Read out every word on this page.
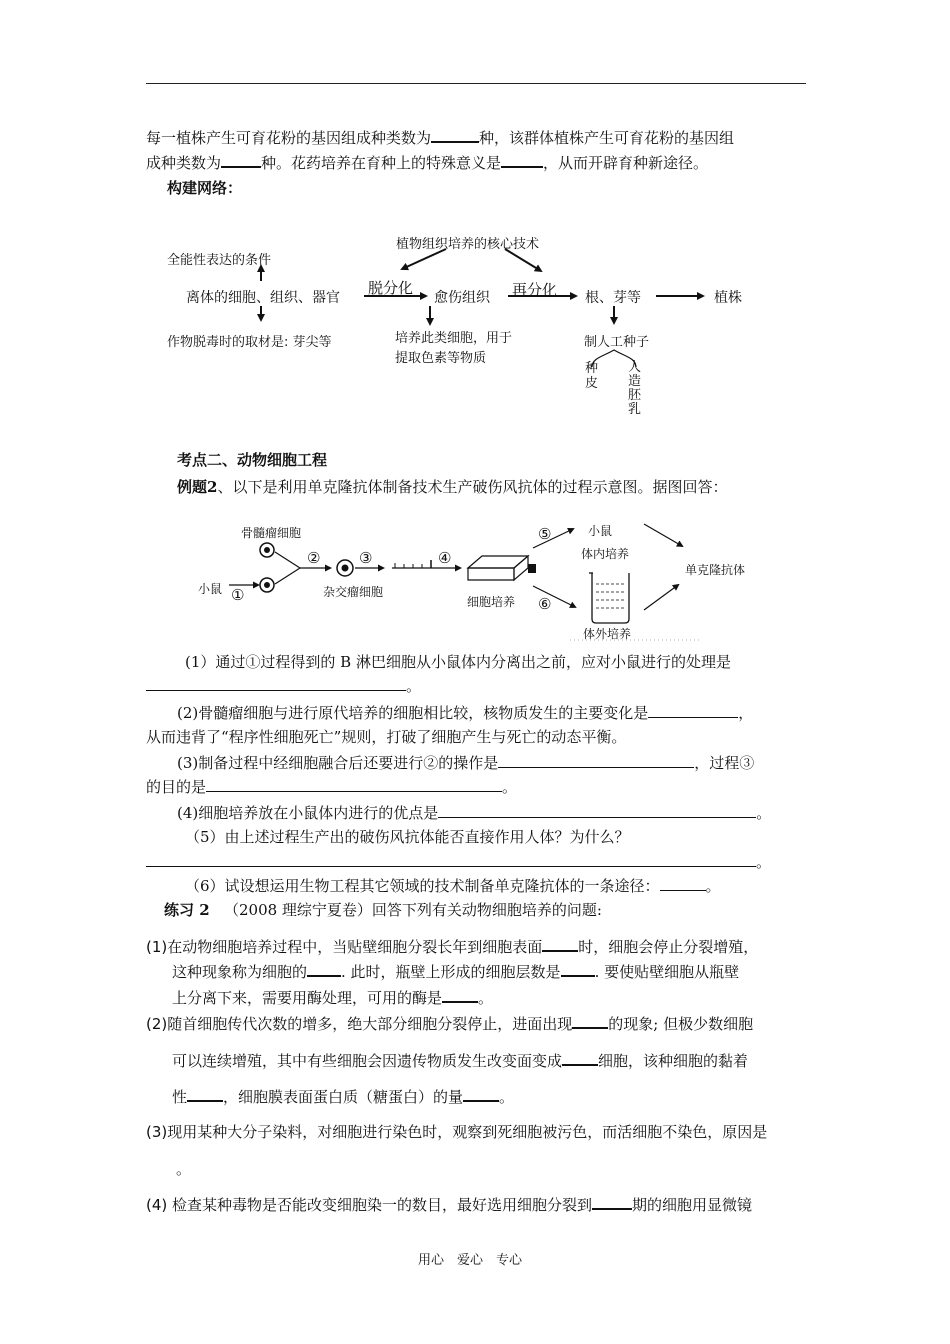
每一植株产生可育花粉的基因组成种类数为	种，该群体植株产生可育花粉的基因组
成种类数为	种。花药培养在育种上的特殊意义是	，从而开辟育种新途径。
构建网络：
植物组织培养的核心技术
全能性表达的条件
离体的细胞、组织、器官
脱分化
愈伤组织 再分化 根、芽等	植株
作物脱毒时的取材是: 芽尖等	培养此类细胞，用于
提取色素等物质
制人工种子
种
皮
人
造
胚
乳
考点二、动物细胞工程
例题2、以下是利用单克隆抗体制备技术生产破伤风抗体的过程示意图。据图回答：
骨髓瘤细胞
小鼠 ①
②	③	④
⑤
⑥
杂交瘤细胞
细胞培养
小鼠
体内培养
体外培养
单克隆抗体
(1）通过①过程得到的 B 淋巴细胞从小鼠体内分离出之前，应对小鼠进行的处理是
。
(2)骨髓瘤细胞与进行原代培养的细胞相比较，核物质发生的主要变化是	，
从而违背了“程序性细胞死亡”规则，打破了细胞产生与死亡的动态平衡。
(3)制备过程中经细胞融合后还要进行②的操作是	，过程③
的目的是	。
(4)细胞培养放在小鼠体内进行的优点是	。
（5）由上述过程生产出的破伤风抗体能否直接作用人体？为什么？
。
（6）试设想运用生物工程其它领域的技术制备单克隆抗体的一条途径：	。
练习 2 （2008 理综宁夏卷）回答下列有关动物细胞培养的问题:
(1)在动物细胞培养过程中，当贴壁细胞分裂长年到细胞表面 时，细胞会停止分裂增殖，
这种现象称为细胞的 . 此时，瓶壁上形成的细胞层数是 . 要使贴壁细胞从瓶壁
上分离下来，需要用酶处理，可用的酶是 。
(2)随首细胞传代次数的增多，绝大部分细胞分裂停止，进面出现 的现象; 但极少数细胞
可以连续增殖，其中有些细胞会因遗传物质发生改变面变成 细胞，该种细胞的黏着
性 ，细胞膜表面蛋白质（糖蛋白）的量 。
(3)现用某种大分子染料，对细胞进行染色时，观察到死细胞被污色，而活细胞不染色，原因是
。
(4) 检查某种毒物是否能改变细胞染一的数目，最好选用细胞分裂到	期的细胞用显微镜
用心　爱心　专心
